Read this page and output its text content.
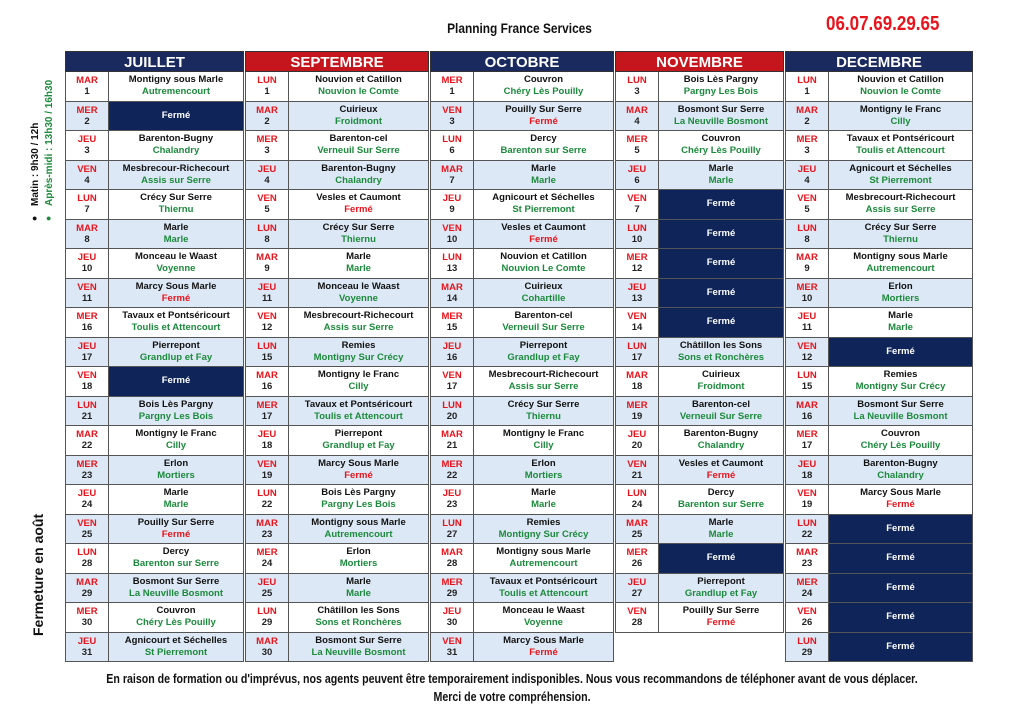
Planning France Services	06.07.69.29.65
●
Matin : 9h30 / 12h
●
Après-midi : 13h30 / 16h30
Fermeture en août
JUILLET
MAR
1
Montigny sous Marle
Autremencourt
MER
2
Fermé
JEU
3
Barenton-Bugny
Chalandry
VEN
4
Mesbrecour-Richecourt
Assis sur Serre
LUN
7
Crécy Sur Serre
Thiernu
MAR
8
Marle
Marle
JEU
10
Monceau le Waast
Voyenne
VEN
11
Marcy Sous Marle
Fermé
MER
16
Tavaux et Pontséricourt
Toulis et Attencourt
JEU
17
Pierrepont
Grandlup et Fay
VEN
18
Fermé
LUN
21
Bois Lès Pargny
Pargny Les Bois
MAR
22
Montigny le Franc
Cilly
MER
23
Erlon
Mortiers
JEU
24
Marle
Marle
VEN
25
Pouilly Sur Serre
Fermé
LUN
28
Dercy
Barenton sur Serre
MAR
29
Bosmont Sur Serre
La Neuville Bosmont
MER
30
Couvron
Chéry Lès Pouilly
JEU
31
Agnicourt et Séchelles
St Pierremont
SEPTEMBRE
LUN
1
Nouvion et Catillon
Nouvion le Comte
MAR
2
Cuirieux
Froidmont
MER
3
Barenton-cel
Verneuil Sur Serre
JEU
4
Barenton-Bugny
Chalandry
VEN
5
Vesles et Caumont
Fermé
LUN
8
Crécy Sur Serre
Thiernu
MAR
9
Marle
Marle
JEU
11
Monceau le Waast
Voyenne
VEN
12
Mesbrecourt-Richecourt
Assis sur Serre
LUN
15
Remies
Montigny Sur Crécy
MAR
16
Montigny le Franc
Cilly
MER
17
Tavaux et Pontséricourt
Toulis et Attencourt
JEU
18
Pierrepont
Grandlup et Fay
VEN
19
Marcy Sous Marle
Fermé
LUN
22
Bois Lès Pargny
Pargny Les Bois
MAR
23
Montigny sous Marle
Autremencourt
MER
24
Erlon
Mortiers
JEU
25
Marle
Marle
LUN
29
Châtillon les Sons
Sons et Ronchères
MAR
30
Bosmont Sur Serre
La Neuville Bosmont
OCTOBRE
MER
1
Couvron
Chéry Lès Pouilly
VEN
3
Pouilly Sur Serre
Fermé
LUN
6
Dercy
Barenton sur Serre
MAR
7
Marle
Marle
JEU
9
Agnicourt et Séchelles
St Pierremont
VEN
10
Vesles et Caumont
Fermé
LUN
13
Nouvion et Catillon
Nouvion Le Comte
MAR
14
Cuirieux
Cohartille
MER
15
Barenton-cel
Verneuil Sur Serre
JEU
16
Pierrepont
Grandlup et Fay
VEN
17
Mesbrecourt-Richecourt
Assis sur Serre
LUN
20
Crécy Sur Serre
Thiernu
MAR
21
Montigny le Franc
Cilly
MER
22
Erlon
Mortiers
JEU
23
Marle
Marle
LUN
27
Remies
Montigny Sur Crécy
MAR
28
Montigny sous Marle
Autremencourt
MER
29
Tavaux et Pontséricourt
Toulis et Attencourt
JEU
30
Monceau le Waast
Voyenne
VEN
31
Marcy Sous Marle
Fermé
NOVEMBRE
LUN
3
Bois Lès Pargny
Pargny Les Bois
MAR
4
Bosmont Sur Serre
La Neuville Bosmont
MER
5
Couvron
Chéry Lès Pouilly
JEU
6
Marle
Marle
VEN
7
Fermé
LUN
10
Fermé
MER
12
Fermé
JEU
13
Fermé
VEN
14
Fermé
LUN
17
Châtillon les Sons
Sons et Ronchères
MAR
18
Cuirieux
Froidmont
MER
19
Barenton-cel
Verneuil Sur Serre
JEU
20
Barenton-Bugny
Chalandry
VEN
21
Vesles et Caumont
Fermé
LUN
24
Dercy
Barenton sur Serre
MAR
25
Marle
Marle
MER
26
Fermé
JEU
27
Pierrepont
Grandlup et Fay
VEN
28
Pouilly Sur Serre
Fermé
DECEMBRE
LUN
1
Nouvion et Catillon
Nouvion le Comte
MAR
2
Montigny le Franc
Cilly
MER
3
Tavaux et Pontséricourt
Toulis et Attencourt
JEU
4
Agnicourt et Séchelles
St Pierremont
VEN
5
Mesbrecourt-Richecourt
Assis sur Serre
LUN
8
Crécy Sur Serre
Thiernu
MAR
9
Montigny sous Marle
Autremencourt
MER
10
Erlon
Mortiers
JEU
11
Marle
Marle
VEN
12
Fermé
LUN
15
Remies
Montigny Sur Crécy
MAR
16
Bosmont Sur Serre
La Neuville Bosmont
MER
17
Couvron
Chéry Lès Pouilly
JEU
18
Barenton-Bugny
Chalandry
VEN
19
Marcy Sous Marle
Fermé
LUN
22
Fermé
MAR
23
Fermé
MER
24
Fermé
VEN
26
Fermé
LUN
29
Fermé
En raison de formation ou d'imprévus, nos agents peuvent être temporairement indisponibles. Nous vous recommandons de téléphoner avant de vous déplacer.
Merci de votre compréhension.
